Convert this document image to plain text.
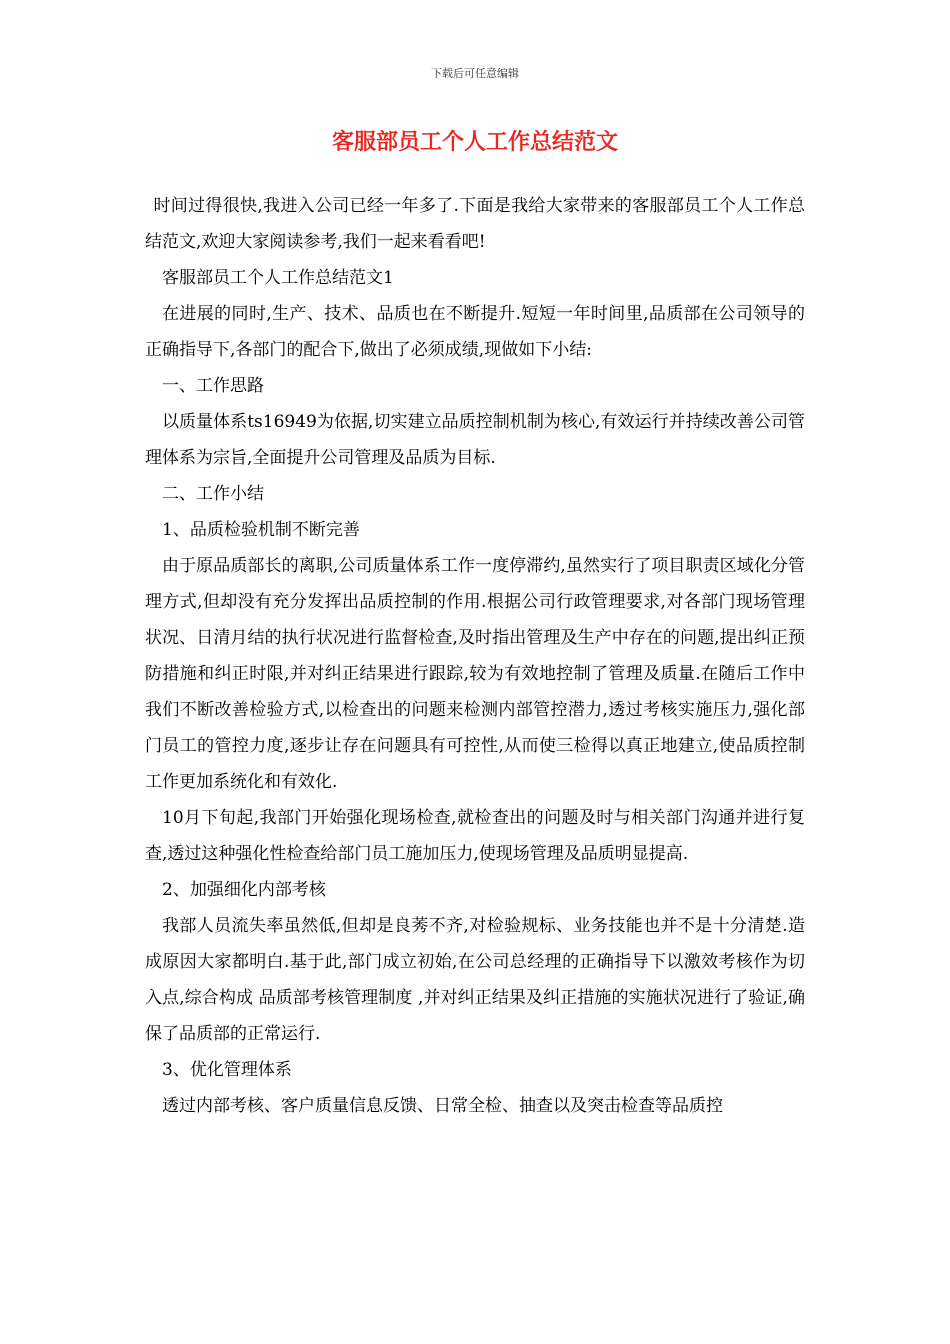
下载后可任意编辑
客服部员工个人工作总结范文

时间过得很快,我进入公司已经一年多了.下面是我给大家带来的客服部员工个人工作总结范文,欢迎大家阅读参考,我们一起来看看吧!

客服部员工个人工作总结范文1

在进展的同时,生产、技术、品质也在不断提升.短短一年时间里,品质部在公司领导的正确指导下,各部门的配合下,做出了必须成绩,现做如下小结:

一、工作思路

以质量体系ts16949为依据,切实建立品质控制机制为核心,有效运行并持续改善公司管理体系为宗旨,全面提升公司管理及品质为目标.

二、工作小结

1、品质检验机制不断完善

由于原品质部长的离职,公司质量体系工作一度停滞约,虽然实行了项目职责区域化分管理方式,但却没有充分发挥出品质控制的作用.根据公司行政管理要求,对各部门现场管理状况、日清月结的执行状况进行监督检查,及时指出管理及生产中存在的问题,提出纠正预防措施和纠正时限,并对纠正结果进行跟踪,较为有效地控制了管理及质量.在随后工作中我们不断改善检验方式,以检查出的问题来检测内部管控潜力,透过考核实施压力,强化部门员工的管控力度,逐步让存在问题具有可控性,从而使三检得以真正地建立,使品质控制工作更加系统化和有效化.

10月下旬起,我部门开始强化现场检查,就检查出的问题及时与相关部门沟通并进行复查,透过这种强化性检查给部门员工施加压力,使现场管理及品质明显提高.

2、加强细化内部考核

我部人员流失率虽然低,但却是良莠不齐,对检验规标、业务技能也并不是十分清楚.造成原因大家都明白.基于此,部门成立初始,在公司总经理的正确指导下以激效考核作为切入点,综合构成 品质部考核管理制度 ,并对纠正结果及纠正措施的实施状况进行了验证,确保了品质部的正常运行.

3、优化管理体系

透过内部考核、客户质量信息反馈、日常全检、抽查以及突击检查等品质控
